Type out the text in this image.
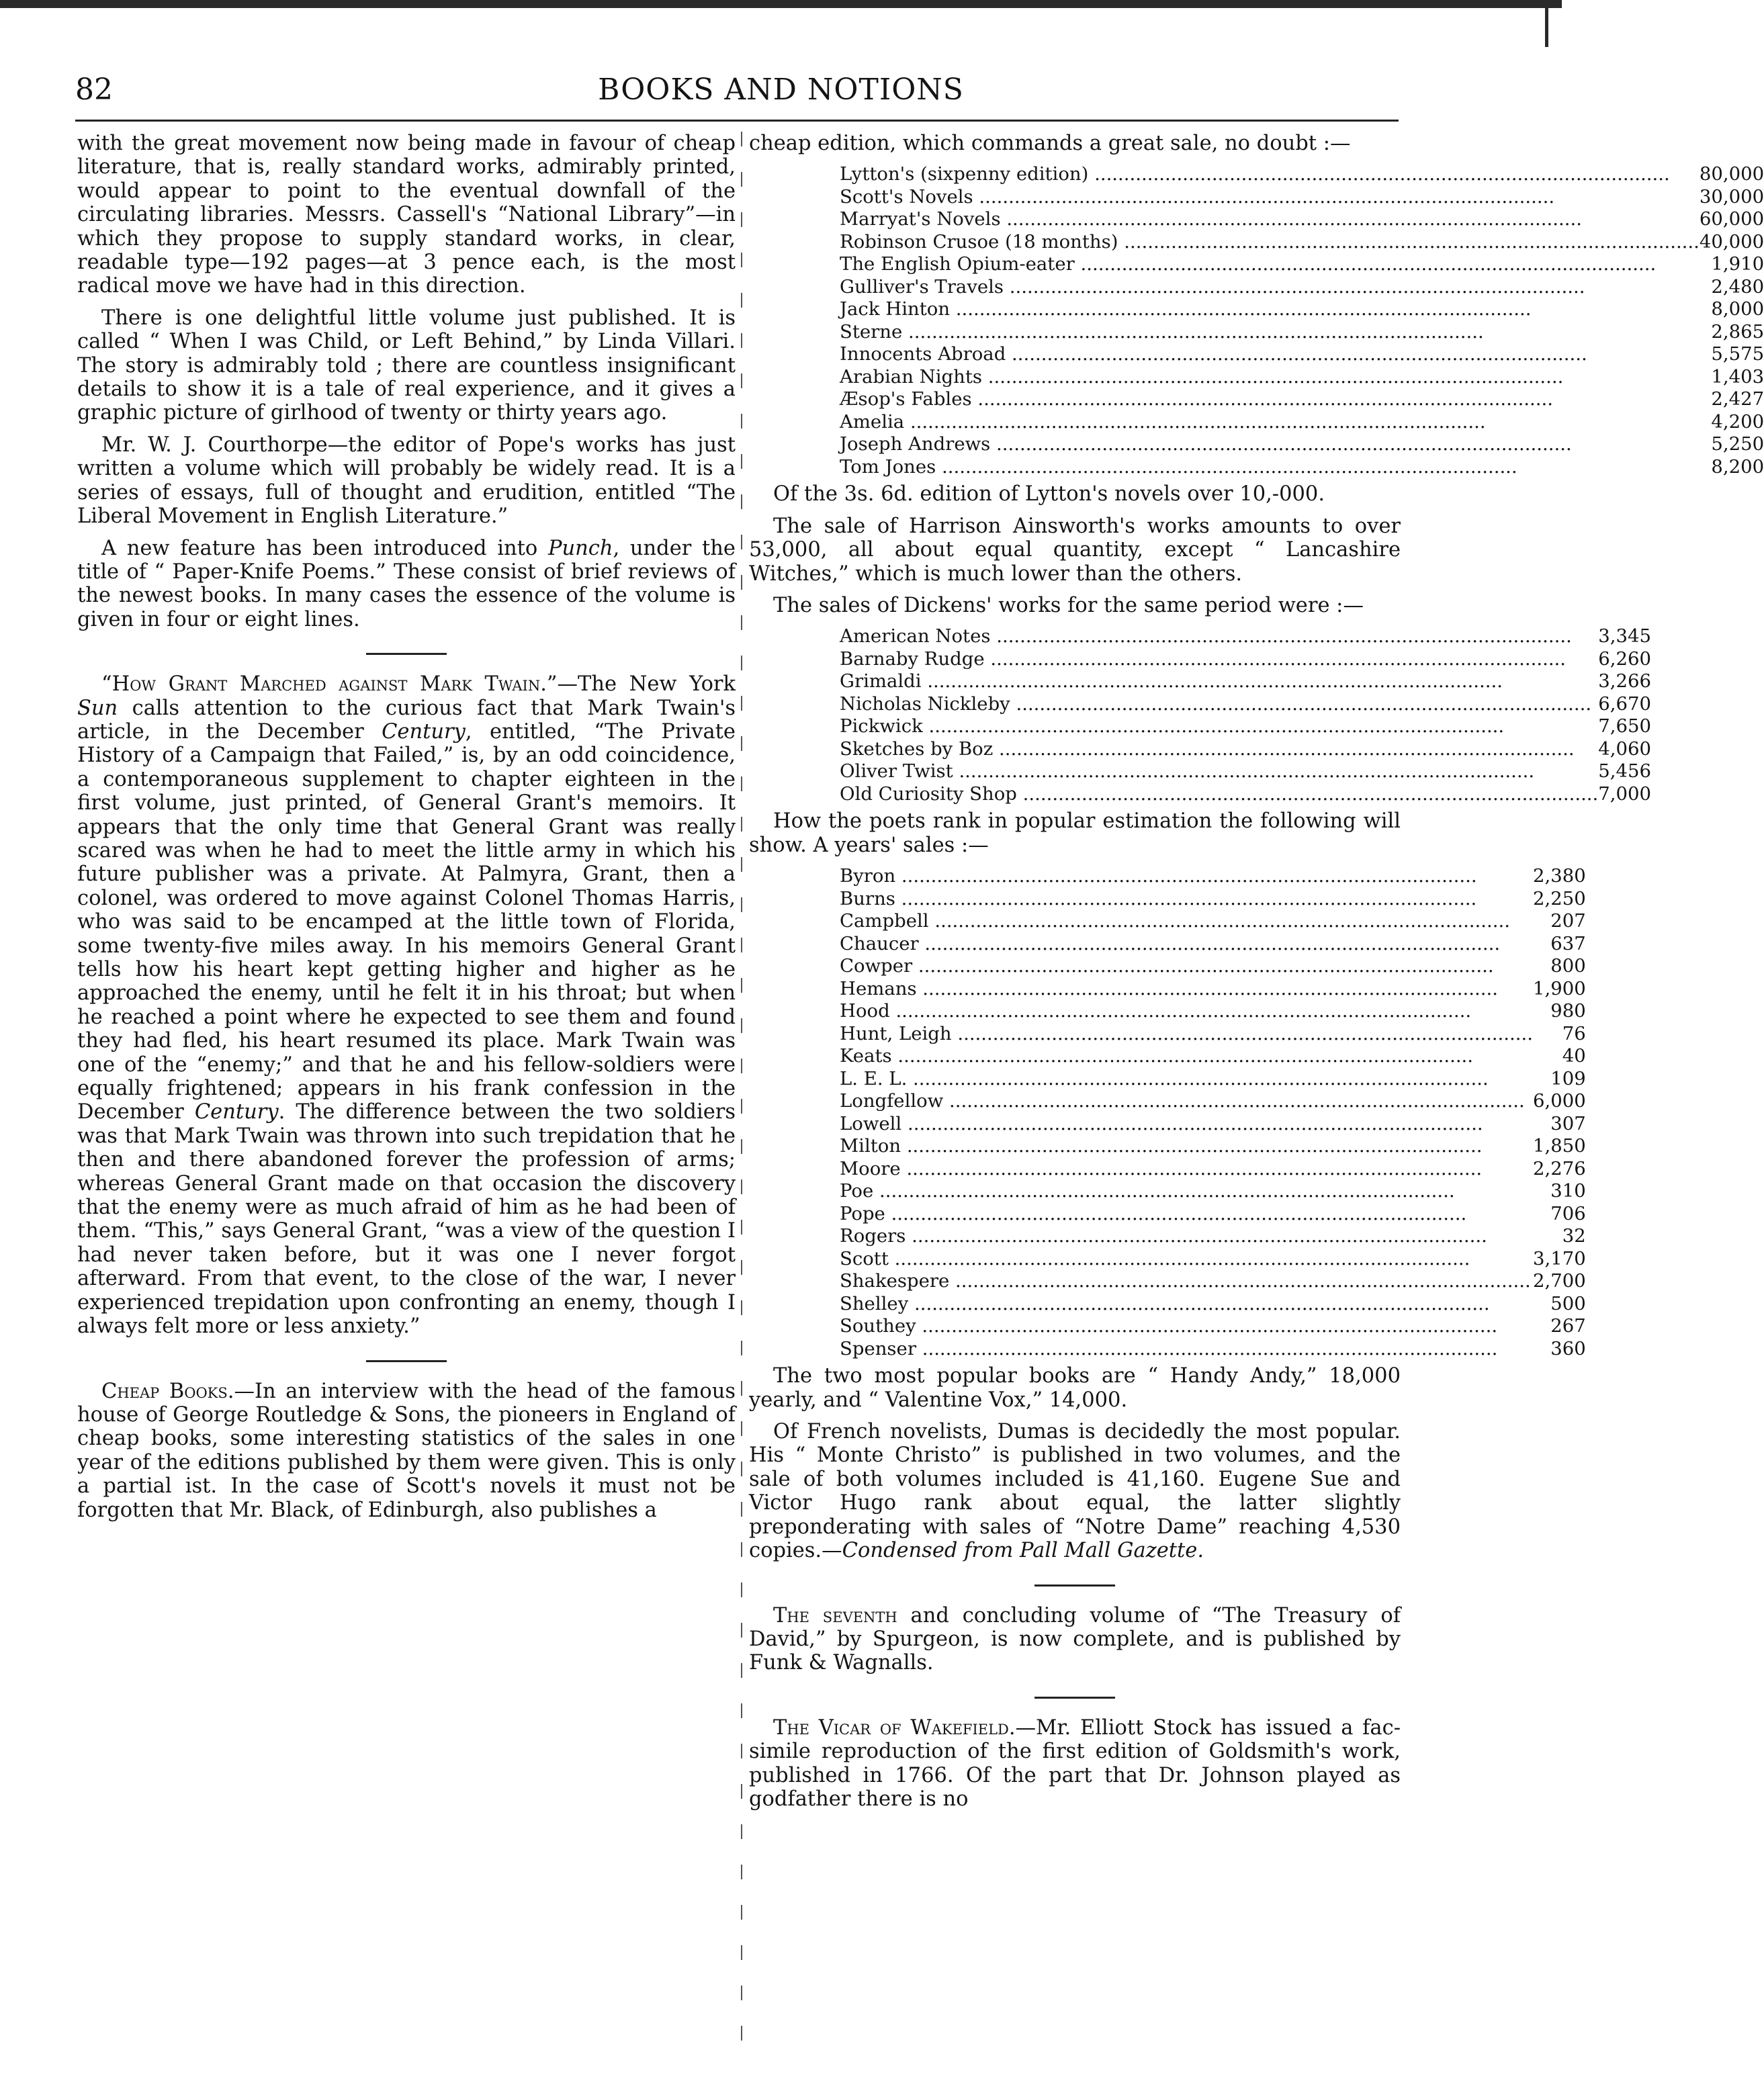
82	BOOKS AND NOTIONS

with the great movement now being made in favour of cheap literature, that is, really standard works, admirably printed, would appear to point to the eventual downfall of the circulating libraries. Messrs. Cassell's “National Library”—in which they propose to supply standard works, in clear, readable type—192 pages—at 3 pence each, is the most radical move we have had in this direction.

There is one delightful little volume just published. It is called “ When I was Child, or Left Behind,” by Linda Villari. The story is admirably told ; there are countless insignificant details to show it is a tale of real experience, and it gives a graphic picture of girlhood of twenty or thirty years ago.

Mr. W. J. Courthorpe—the editor of Pope's works has just written a volume which will probably be widely read. It is a series of essays, full of thought and erudition, entitled “The Liberal Movement in English Literature.”

A new feature has been introduced into Punch, under the title of “ Paper-Knife Poems.” These consist of brief reviews of the newest books. In many cases the essence of the volume is given in four or eight lines.

“How Grant Marched against Mark Twain.”—The New York Sun calls attention to the curious fact that Mark Twain's article, in the December Century, entitled, “The Private History of a Campaign that Failed,” is, by an odd coincidence, a contemporaneous supplement to chapter eighteen in the first volume, just printed, of General Grant's memoirs. It appears that the only time that General Grant was really scared was when he had to meet the little army in which his future publisher was a private. At Palmyra, Grant, then a colonel, was ordered to move against Colonel Thomas Harris, who was said to be encamped at the little town of Florida, some twenty-five miles away. In his memoirs General Grant tells how his heart kept getting higher and higher as he approached the enemy, until he felt it in his throat; but when he reached a point where he expected to see them and found they had fled, his heart resumed its place. Mark Twain was one of the “enemy;” and that he and his fellow-soldiers were equally frightened; appears in his frank confession in the December Century. The difference between the two soldiers was that Mark Twain was thrown into such trepidation that he then and there abandoned forever the profession of arms; whereas General Grant made on that occasion the discovery that the enemy were as much afraid of him as he had been of them. “This,” says General Grant, “was a view of the question I had never taken before, but it was one I never forgot afterward. From that event, to the close of the war, I never experienced trepidation upon confronting an enemy, though I always felt more or less anxiety.”

Cheap Books.—In an interview with the head of the famous house of George Routledge & Sons, the pioneers in England of cheap books, some interesting statistics of the sales in one year of the editions published by them were given. This is only a partial ist. In the case of Scott's novels it must not be forgotten that Mr. Black, of Edinburgh, also publishes a

cheap edition, which commands a great sale, no doubt :—

Lytton's (sixpenny edition) .....	80,000
Scott's Novels .....	30,000
Marryat's Novels .....	60,000
Robinson Crusoe (18 months) .....	40,000
The English Opium-eater .....	1,910
Gulliver's Travels .....	2,480
Jack Hinton .....	8,000
Sterne .....	2,865
Innocents Abroad .....	5,575
Arabian Nights .....	1,403
Æsop's Fables .....	2,427
Amelia .....	4,200
Joseph Andrews .....	5,250
Tom Jones .....	8,200

Of the 3s. 6d. edition of Lytton's novels over 10,-000.

The sale of Harrison Ainsworth's works amounts to over 53,000, all about equal quantity, except “ Lancashire Witches,” which is much lower than the others.

The sales of Dickens' works for the same period were :—

American Notes .....	3,345
Barnaby Rudge .....	6,260
Grimaldi .....	3,266
Nicholas Nickleby .....	6,670
Pickwick .....	7,650
Sketches by Boz .....	4,060
Oliver Twist .....	5,456
Old Curiosity Shop .....	7,000

How the poets rank in popular estimation the following will show. A years' sales :—

Byron .....	2,380
Burns .....	2,250
Campbell .....	207
Chaucer .....	637
Cowper .....	800
Hemans .....	1,900
Hood .....	980
Hunt, Leigh .....	76
Keats .....	40
L. E. L. .....	109
Longfellow .....	6,000
Lowell .....	307
Milton .....	1,850
Moore .....	2,276
Poe .....	310
Pope .....	706
Rogers .....	32
Scott .....	3,170
Shakespere .....	2,700
Shelley .....	500
Southey .....	267
Spenser .....	360

The two most popular books are “ Handy Andy,” 18,000 yearly, and “ Valentine Vox,” 14,000.

Of French novelists, Dumas is decidedly the most popular. His “ Monte Christo” is published in two volumes, and the sale of both volumes included is 41,160. Eugene Sue and Victor Hugo rank about equal, the latter slightly preponderating with sales of “Notre Dame” reaching 4,530 copies.—Condensed from Pall Mall Gazette.

The seventh and concluding volume of “The Treasury of David,” by Spurgeon, is now complete, and is published by Funk & Wagnalls.

The Vicar of Wakefield.—Mr. Elliott Stock has issued a fac-simile reproduction of the first edition of Goldsmith's work, published in 1766. Of the part that Dr. Johnson played as godfather there is no
